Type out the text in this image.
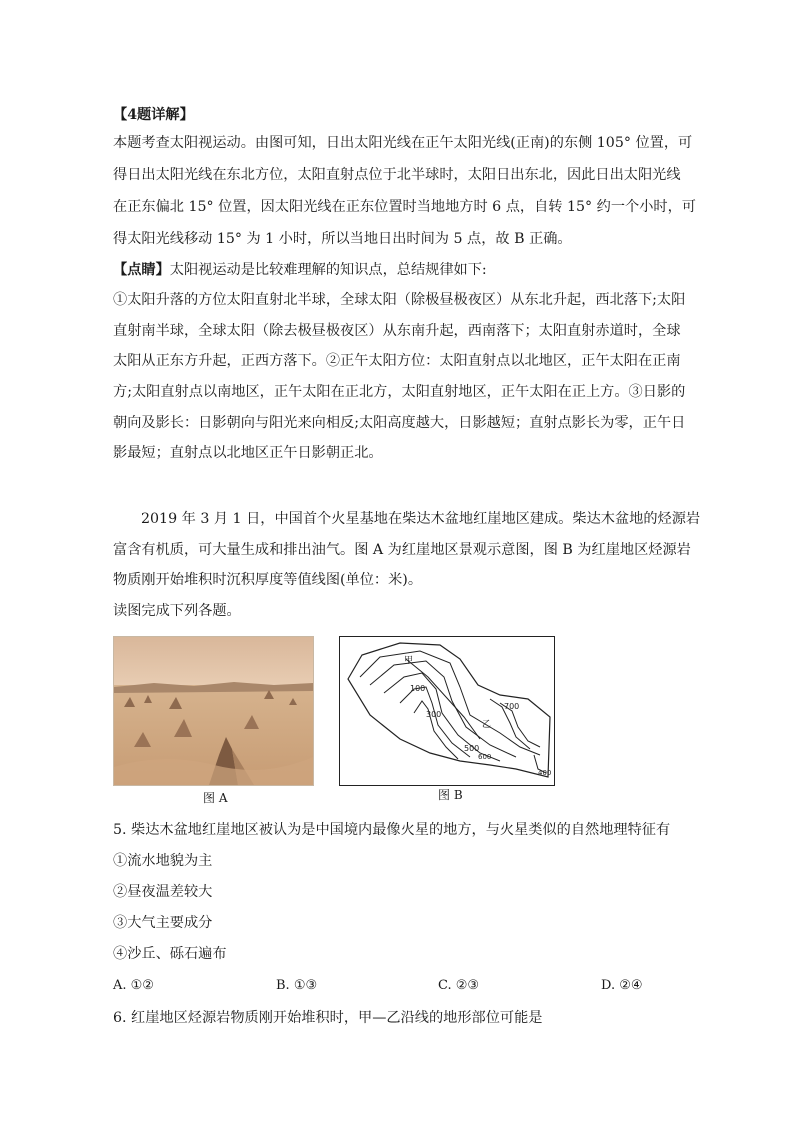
【4题详解】
本题考查太阳视运动。由图可知，日出太阳光线在正午太阳光线(正南)的东侧 105° 位置，可
得日出太阳光线在东北方位，太阳直射点位于北半球时，太阳日出东北，因此日出太阳光线
在正东偏北 15° 位置，因太阳光线在正东位置时当地地方时 6 点，自转 15° 约一个小时，可
得太阳光线移动 15° 为 1 小时，所以当地日出时间为 5 点，故 B 正确。
【点睛】太阳视运动是比较难理解的知识点，总结规律如下:
①太阳升落的方位太阳直射北半球，全球太阳（除极昼极夜区）从东北升起，西北落下;太阳
直射南半球，全球太阳（除去极昼极夜区）从东南升起，西南落下；太阳直射赤道时，全球
太阳从正东方升起，正西方落下。②正午太阳方位：太阳直射点以北地区，正午太阳在正南
方;太阳直射点以南地区，正午太阳在正北方，太阳直射地区，正午太阳在正上方。③日影的
朝向及影长：日影朝向与阳光来向相反;太阳高度越大，日影越短；直射点影长为零，正午日
影最短；直射点以北地区正午日影朝正北。
2019 年 3 月 1 日，中国首个火星基地在柴达木盆地红崖地区建成。柴达木盆地的烃源岩
富含有机质，可大量生成和排出油气。图 A 为红崖地区景观示意图，图 B 为红崖地区烃源岩
物质刚开始堆积时沉积厚度等值线图(单位：米)。
读图完成下列各题。
图 A
甲
乙
100
300
500
600
700
400
图 B
5. 柴达木盆地红崖地区被认为是中国境内最像火星的地方，与火星类似的自然地理特征有
①流水地貌为主
②昼夜温差较大
③大气主要成分
④沙丘、砾石遍布
A. ①②	B. ①③	C. ②③	D. ②④
6. 红崖地区烃源岩物质刚开始堆积时，甲—乙沿线的地形部位可能是
